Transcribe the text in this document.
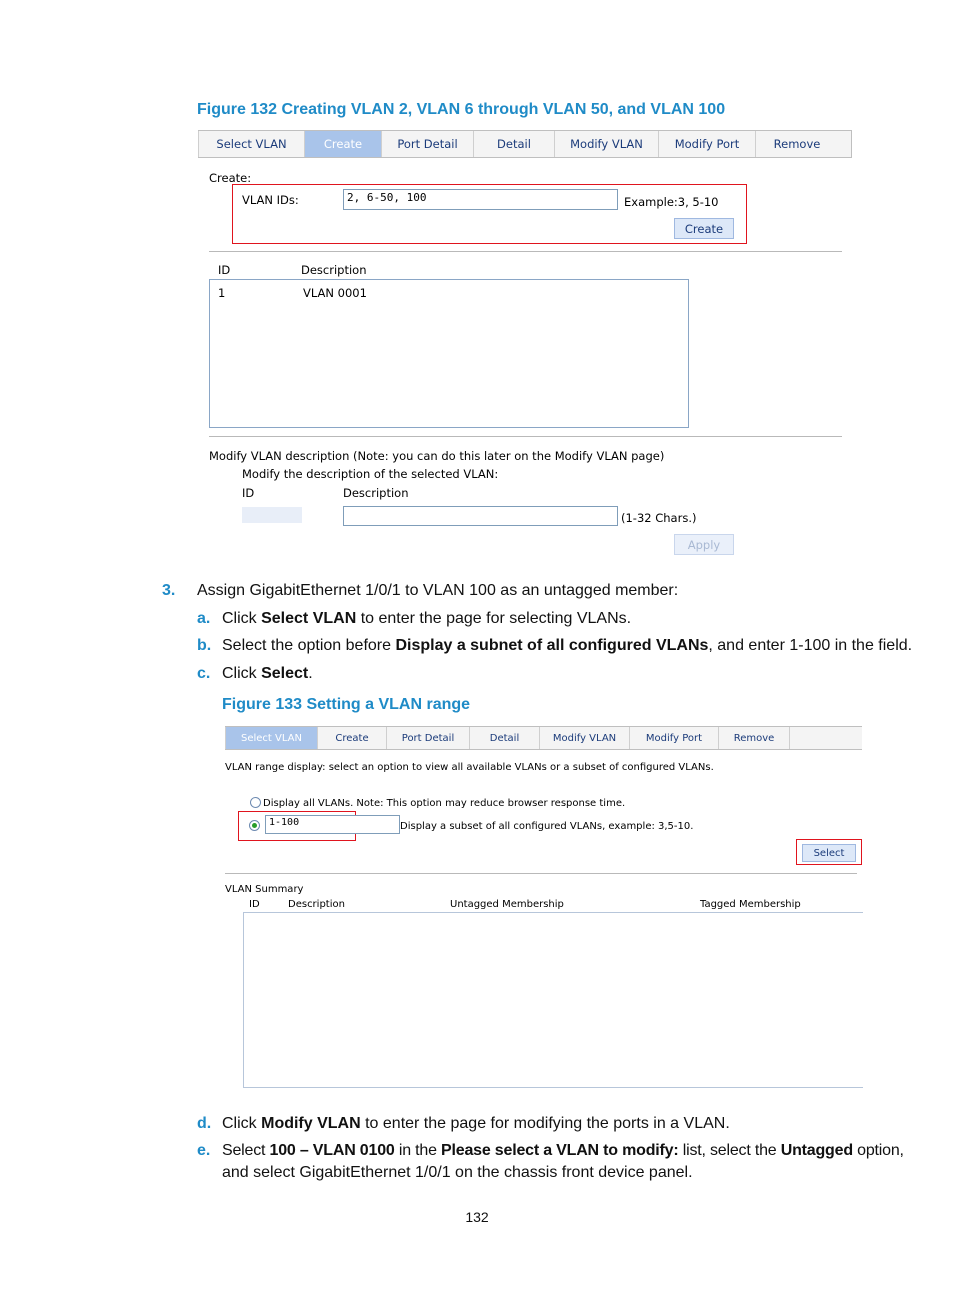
Figure 132 Creating VLAN 2, VLAN 6 through VLAN 50, and VLAN 100
Select VLAN	Create	Port Detail	Detail	Modify VLAN	Modify Port	Remove
Create:
VLAN IDs:	2, 6-50, 100	Example:3, 5-10
Create
ID	Description
1	VLAN 0001
Modify VLAN description (Note: you can do this later on the Modify VLAN page)
Modify the description of the selected VLAN:
ID	Description
(1-32 Chars.)
Apply
3. Assign GigabitEthernet 1/0/1 to VLAN 100 as an untagged member:
a. Click Select VLAN to enter the page for selecting VLANs.
b. Select the option before Display a subnet of all configured VLANs, and enter 1-100 in the field.
c. Click Select.
Figure 133 Setting a VLAN range
Select VLAN	Create	Port Detail	Detail	Modify VLAN	Modify Port	Remove
VLAN range display: select an option to view all available VLANs or a subset of configured VLANs.
Display all VLANs. Note: This option may reduce browser response time.
1-100	Display a subset of all configured VLANs, example: 3,5-10.
Select
VLAN Summary
ID	Description	Untagged Membership	Tagged Membership
d. Click Modify VLAN to enter the page for modifying the ports in a VLAN.
e. Select 100 – VLAN 0100 in the Please select a VLAN to modify: list, select the Untagged option,
and select GigabitEthernet 1/0/1 on the chassis front device panel.
132
